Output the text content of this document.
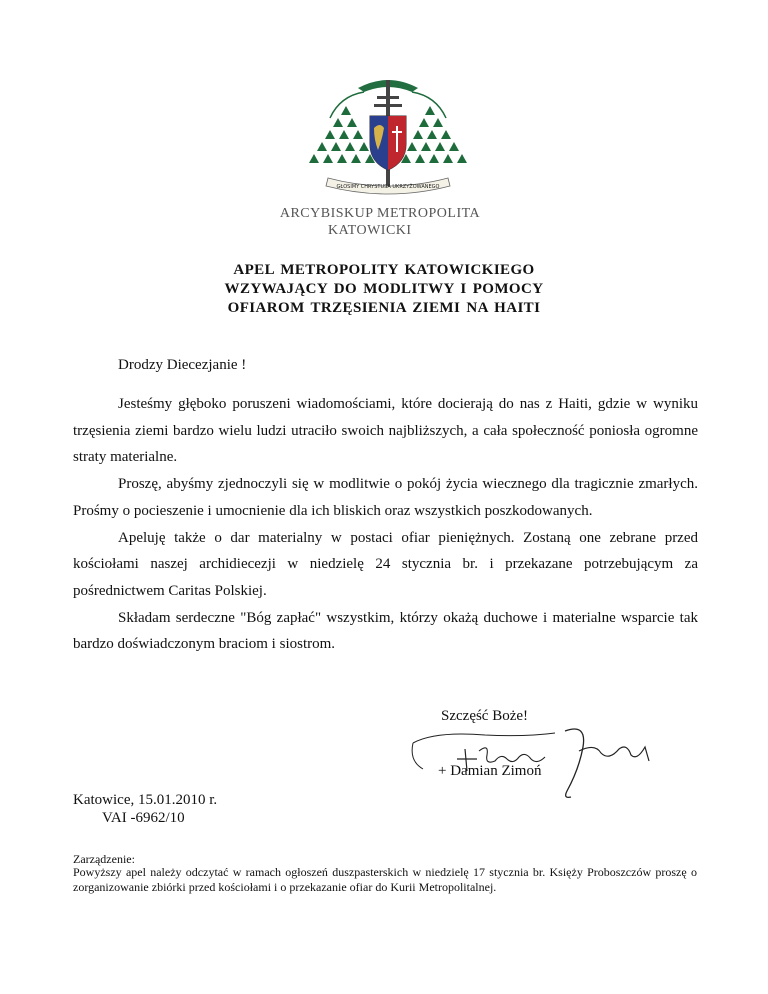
GŁOSIMY CHRYSTUSA UKRZYŻOWANEGO
ARCYBISKUP METROPOLITA
KATOWICKI
APEL METROPOLITY KATOWICKIEGO
WZYWAJĄCY DO MODLITWY I POMOCY
OFIAROM TRZĘSIENIA ZIEMI NA HAITI
Drodzy Diecezjanie !

Jesteśmy głęboko poruszeni wiadomościami, które docierają do nas z Haiti, gdzie w wyniku trzęsienia ziemi bardzo wielu ludzi utraciło swoich najbliższych, a cała społeczność poniosła ogromne straty materialne.

Proszę, abyśmy zjednoczyli się w modlitwie o pokój życia wiecznego dla tragicznie zmarłych. Prośmy o pocieszenie i umocnienie dla ich bliskich oraz wszystkich poszkodowanych.

Apeluję także o dar materialny w postaci ofiar pieniężnych. Zostaną one zebrane przed kościołami naszej archidiecezji w niedzielę 24 stycznia br. i przekazane potrzebującym za pośrednictwem Caritas Polskiej.

Składam serdeczne "Bóg zapłać" wszystkim, którzy okażą duchowe i materialne wsparcie tak bardzo doświadczonym braciom i siostrom.

Szczęść Boże!
+ Damian Zimoń
Katowice, 15.01.2010 r.
VAI -6962/10
Zarządzenie:
Powyższy apel należy odczytać w ramach ogłoszeń duszpasterskich w niedzielę 17 stycznia br. Księży Proboszczów proszę o zorganizowanie zbiórki przed kościołami i o przekazanie ofiar do Kurii Metropolitalnej.
